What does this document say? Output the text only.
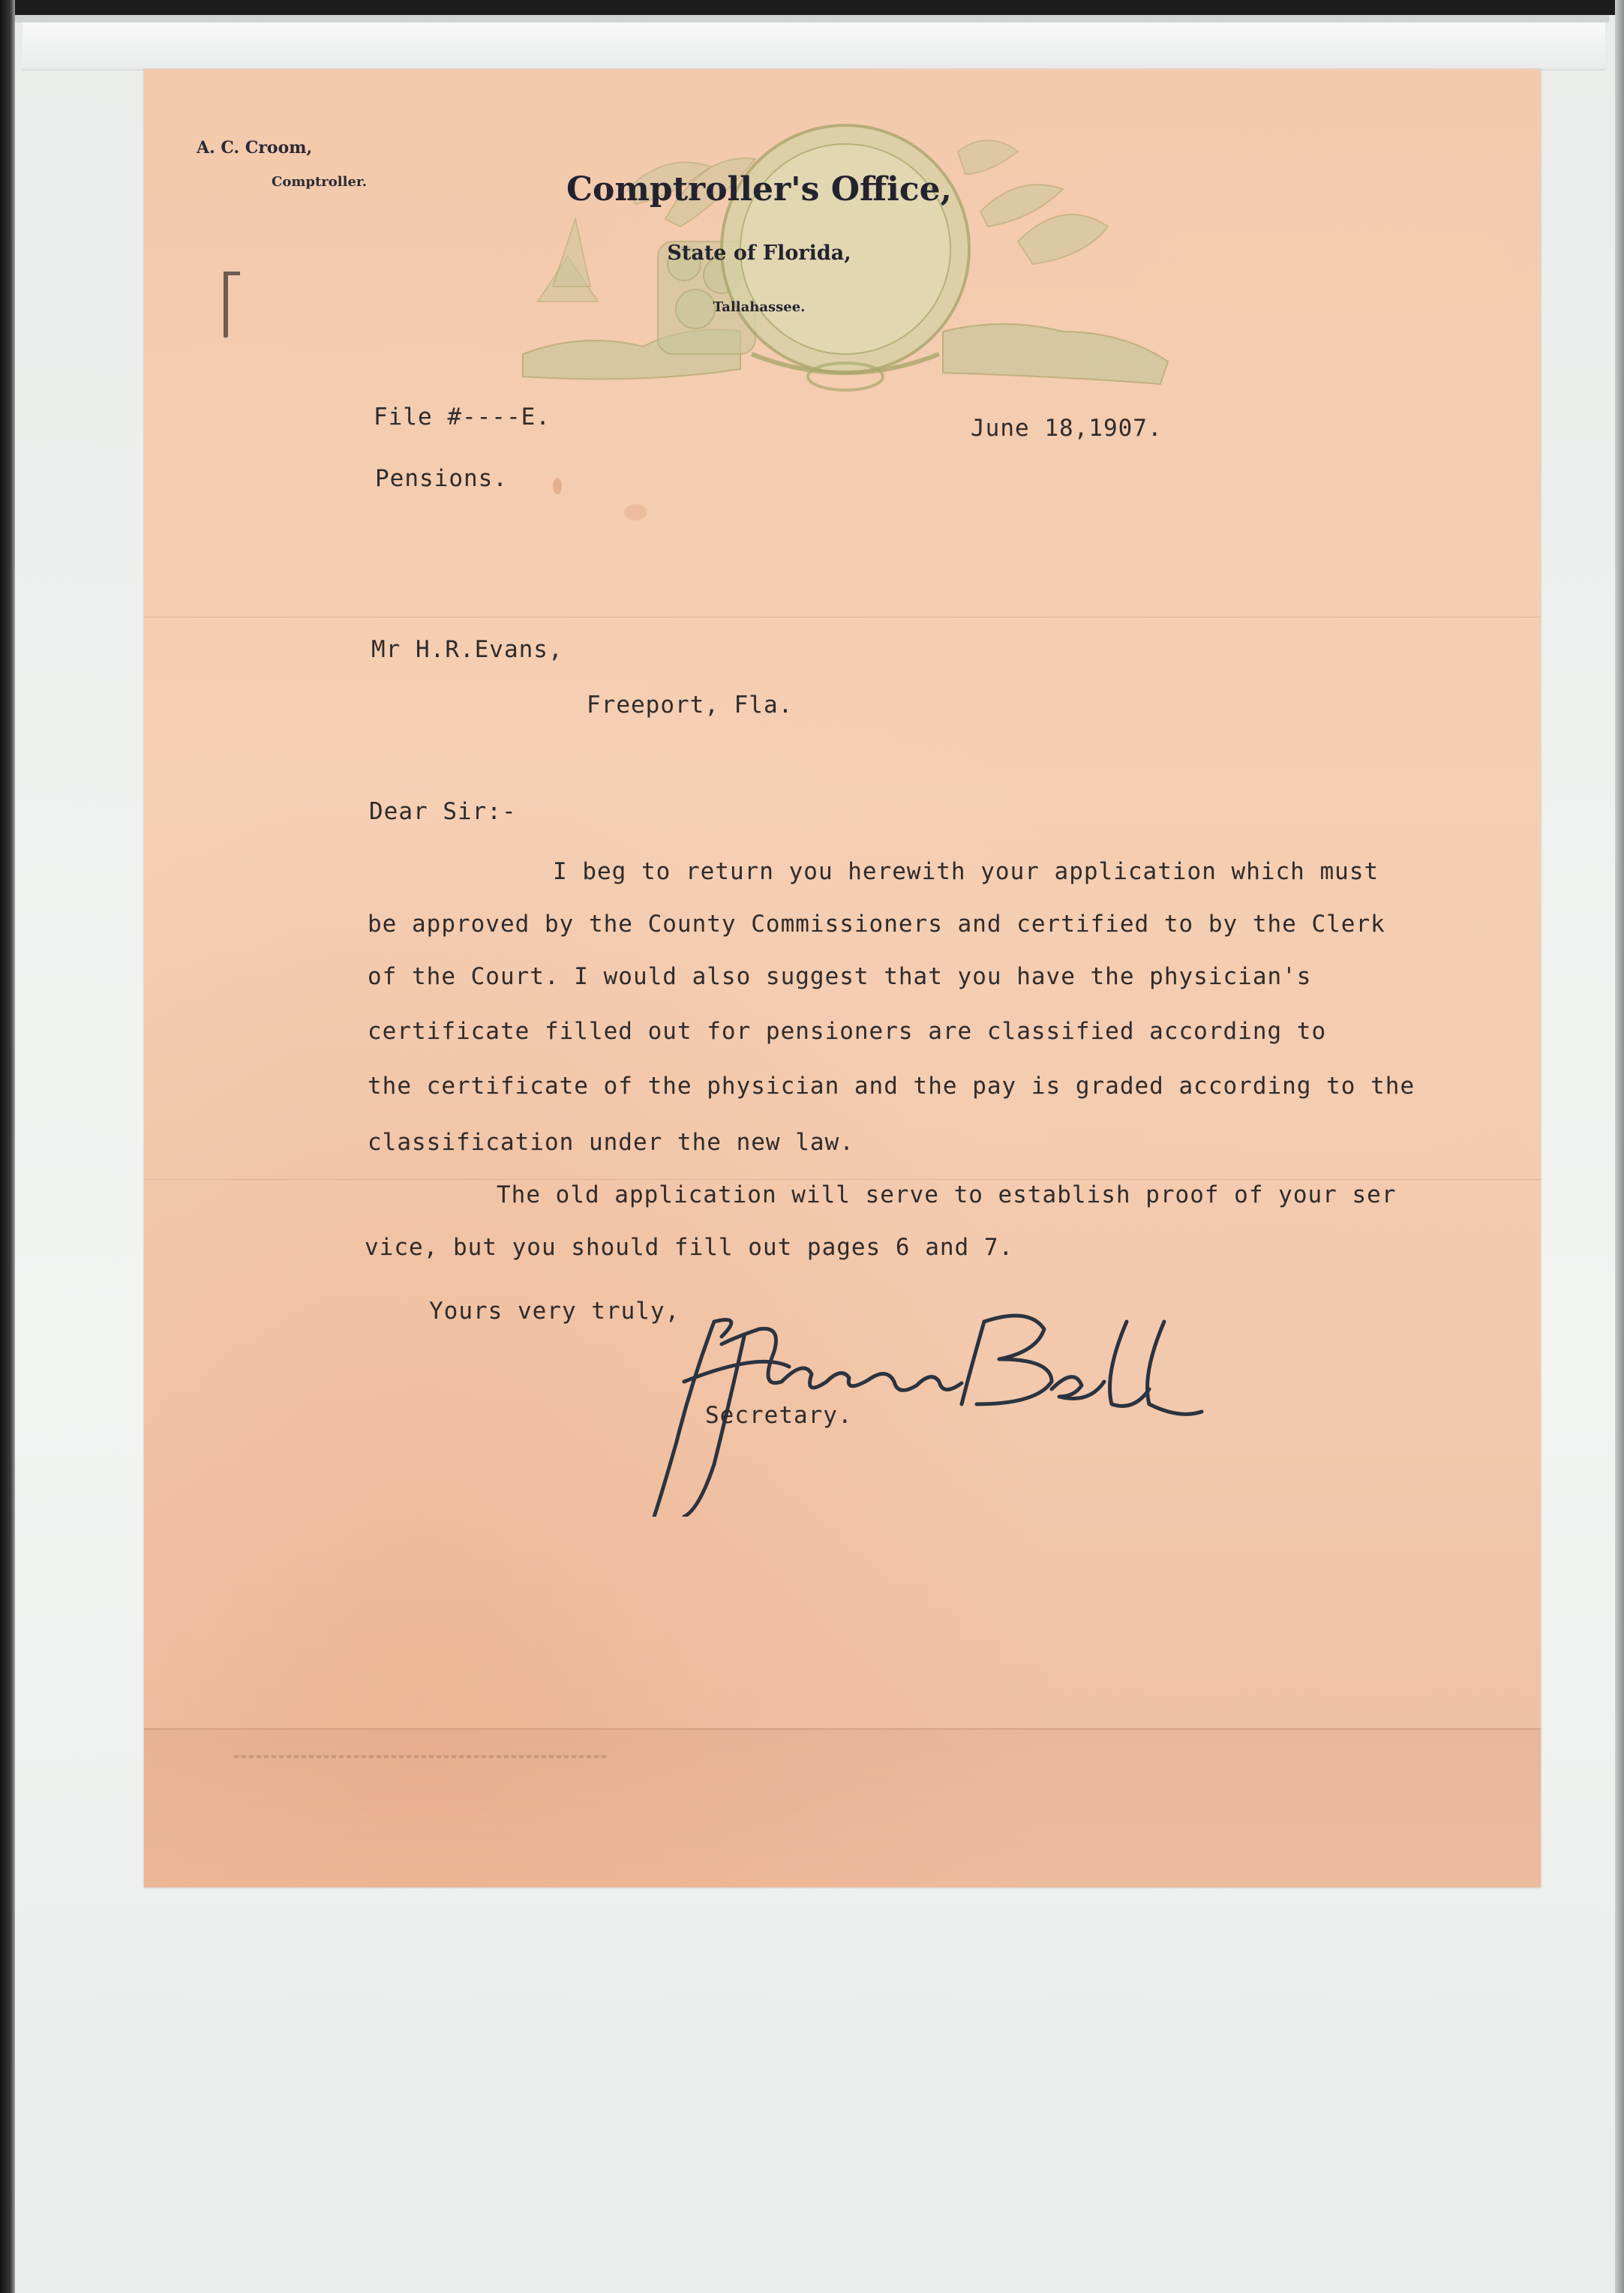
A. C. Croom,
Comptroller.	Comptroller's Office,
State of Florida,
Tallahassee.
File #----E.	June 18,1907.
Pensions.
Mr H.R.Evans,
Freeport, Fla.
Dear Sir:-
I beg to return you herewith your application which must
be approved by the County Commissioners and certified to by the Clerk
of the Court. I would also suggest that you have the physician's
certificate filled out for pensioners are classified according to
the certificate of the physician and the pay is graded according to the
classification under the new law.
The old application will serve to establish proof of your ser
vice, but you should fill out pages 6 and 7.
Yours very truly,
Secretary.
